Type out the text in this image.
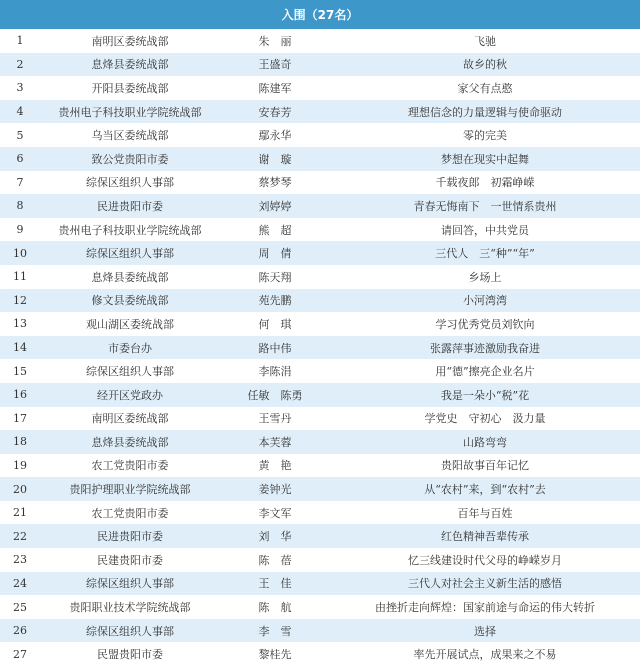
入围（27名）
1	南明区委统战部	朱　丽	飞驰
2	息烽县委统战部	王盛奇	故乡的秋
3	开阳县委统战部	陈建军	家父有点憨
4	贵州电子科技职业学院统战部	安春芳	理想信念的力量逻辑与使命驱动
5	乌当区委统战部	鄢永华	零的完美
6	致公党贵阳市委	谢　璇	梦想在现实中起舞
7	综保区组织人事部	蔡梦琴	千载夜郎　初霜峥嵘
8	民进贵阳市委	刘婷婷	青春无悔南下　一世情系贵州
9	贵州电子科技职业学院统战部	熊　超	请回答，中共党员
10	综保区组织人事部	周　倩	三代人　三“种”“年”
11	息烽县委统战部	陈天翔	乡场上
12	修文县委统战部	苑先鹏	小河湾湾
13	观山湖区委统战部	何　琪	学习优秀党员刘钦向
14	市委台办	路中伟	张露萍事迹激励我奋进
15	综保区组织人事部	李陈涓	用“德”擦亮企业名片
16	经开区党政办	任敏　陈勇	我是一朵小“税”花
17	南明区委统战部	王雪丹	学党史　守初心　汲力量
18	息烽县委统战部	本芙蓉	山路弯弯
19	农工党贵阳市委	黄　艳	贵阳故事百年记忆
20	贵阳护理职业学院统战部	姜钟光	从“农村”来，到“农村”去
21	农工党贵阳市委	李文军	百年与百姓
22	民进贵阳市委	刘　华	红色精神吾辈传承
23	民建贵阳市委	陈　蓓	忆三线建设时代父母的峥嵘岁月
24	综保区组织人事部	王　佳	三代人对社会主义新生活的感悟
25	贵阳职业技术学院统战部	陈　航	由挫折走向辉煌：国家前途与命运的伟大转折
26	综保区组织人事部	李　雪	选择
27	民盟贵阳市委	黎桂先	率先开展试点，成果来之不易
